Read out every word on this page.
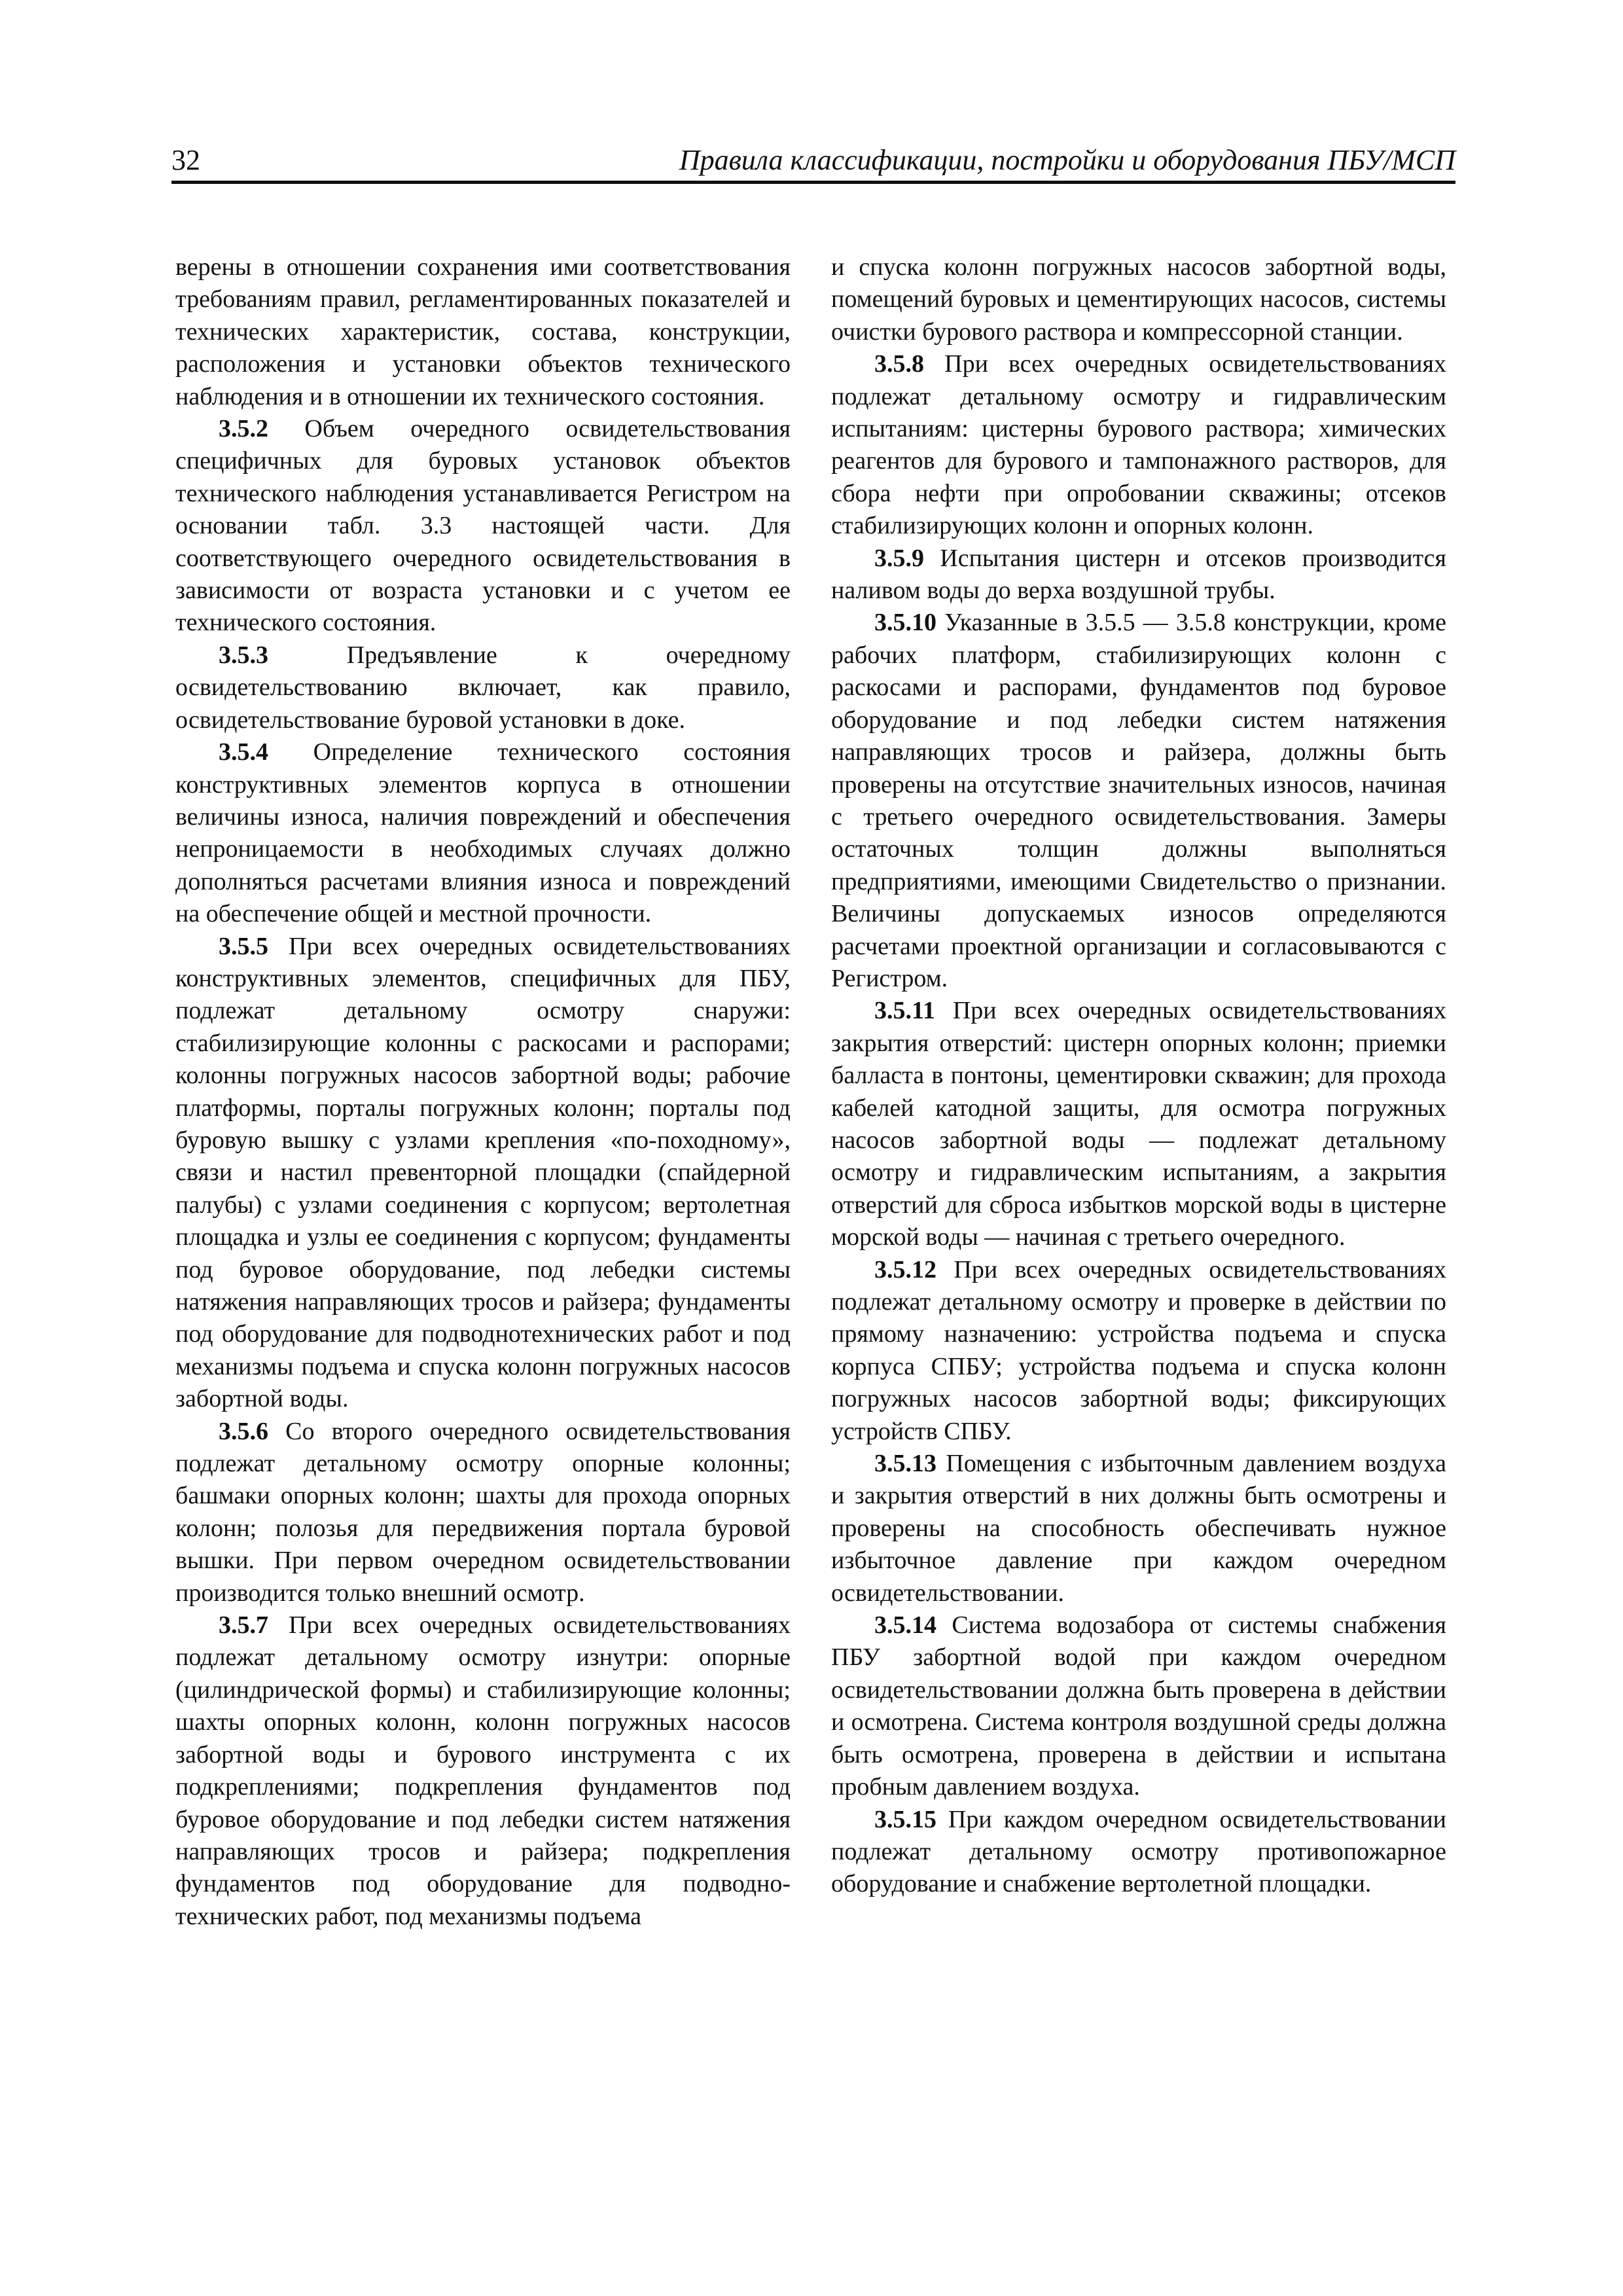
32	Правила классификации, постройки и оборудования ПБУ/МСП

верены в отношении сохранения ими соответствования требованиям правил, регламентированных показателей и технических характеристик, состава, конструкции, расположения и установки объектов технического наблюдения и в отношении их технического состояния.

3.5.2 Объем очередного освидетельствования специфичных для буровых установок объектов технического наблюдения устанавливается Регистром на основании табл. 3.3 настоящей части. Для соответствующего очередного освидетельствования в зависимости от возраста установки и с учетом ее технического состояния.

3.5.3	Предъявление к очередному освидетельствованию включает, как правило, освидетельствование буровой установки в доке.

3.5.4 Определение технического состояния конструктивных элементов корпуса в отношении величины износа, наличия повреждений и обеспечения непроницаемости в необходимых случаях должно дополняться расчетами влияния износа и повреждений на обеспечение общей и местной прочности.

3.5.5 При всех очередных освидетельствованиях конструктивных элементов, специфичных для ПБУ, подлежат детальному осмотру снаружи: стабилизирующие колонны с раскосами и распорами; колонны погружных насосов забортной воды; рабочие платформы, порталы погружных колонн; порталы под буровую вышку с узлами крепления «по-походному», связи и настил превенторной площадки (спайдерной палубы) с узлами соединения с корпусом; вертолетная площадка и узлы ее соединения с корпусом; фундаменты под буровое оборудование, под лебедки системы натяжения направляющих тросов и райзера; фундаменты под оборудование для подводнотехнических работ и под механизмы подъема и спуска колонн погружных насосов забортной воды.

3.5.6 Со второго очередного освидетельствования подлежат детальному осмотру опорные колонны; башмаки опорных колонн; шахты для прохода опорных колонн; полозья для передвижения портала буровой вышки. При первом очередном освидетельствовании производится только внешний осмотр.

3.5.7 При всех очередных освидетельствованиях подлежат детальному осмотру изнутри: опорные (цилиндрической формы) и стабилизирующие колонны; шахты опорных колонн, колонн погружных насосов забортной воды и бурового инструмента с их подкреплениями; подкрепления фундаментов под буровое оборудование и под лебедки систем натяжения направляющих тросов и райзера; подкрепления фундаментов под оборудование для подводно-технических работ, под механизмы подъема

и спуска колонн погружных насосов забортной воды, помещений буровых и цементирующих насосов, системы очистки бурового раствора и компрессорной станции.

3.5.8 При всех очередных освидетельствованиях подлежат детальному осмотру и гидравлическим испытаниям: цистерны бурового раствора; химических реагентов для бурового и тампонажного растворов, для сбора нефти при опробовании скважины; отсеков стабилизирующих колонн и опорных колонн.

3.5.9 Испытания цистерн и отсеков производится наливом воды до верха воздушной трубы.

3.5.10 Указанные в 3.5.5 — 3.5.8 конструкции, кроме рабочих платформ, стабилизирующих колонн с раскосами и распорами, фундаментов под буровое оборудование и под лебедки систем натяжения направляющих тросов и райзера, должны быть проверены на отсутствие значительных износов, начиная с третьего очередного освидетельствования. Замеры остаточных толщин должны выполняться предприятиями, имеющими Свидетельство о признании. Величины допускаемых износов определяются расчетами проектной организации и согласовываются с Регистром.

3.5.11 При всех очередных освидетельствованиях закрытия отверстий: цистерн опорных колонн; приемки балласта в понтоны, цементировки скважин; для прохода кабелей катодной защиты, для осмотра погружных насосов забортной воды — подлежат детальному осмотру и гидравлическим испытаниям, а закрытия отверстий для сброса избытков морской воды в цистерне морской воды — начиная с третьего очередного.

3.5.12 При всех очередных освидетельствованиях подлежат детальному осмотру и проверке в действии по прямому назначению: устройства подъема и спуска корпуса СПБУ; устройства подъема и спуска колонн погружных насосов забортной воды; фиксирующих устройств СПБУ.

3.5.13 Помещения с избыточным давлением воздуха и закрытия отверстий в них должны быть осмотрены и проверены на способность обеспечивать нужное избыточное давление при каждом очередном освидетельствовании.

3.5.14 Система водозабора от системы снабжения ПБУ забортной водой при каждом очередном освидетельствовании должна быть проверена в действии и осмотрена. Система контроля воздушной среды должна быть осмотрена, проверена в действии и испытана пробным давлением воздуха.

3.5.15 При каждом очередном освидетельствовании подлежат детальному осмотру противопожарное оборудование и снабжение вертолетной площадки.
